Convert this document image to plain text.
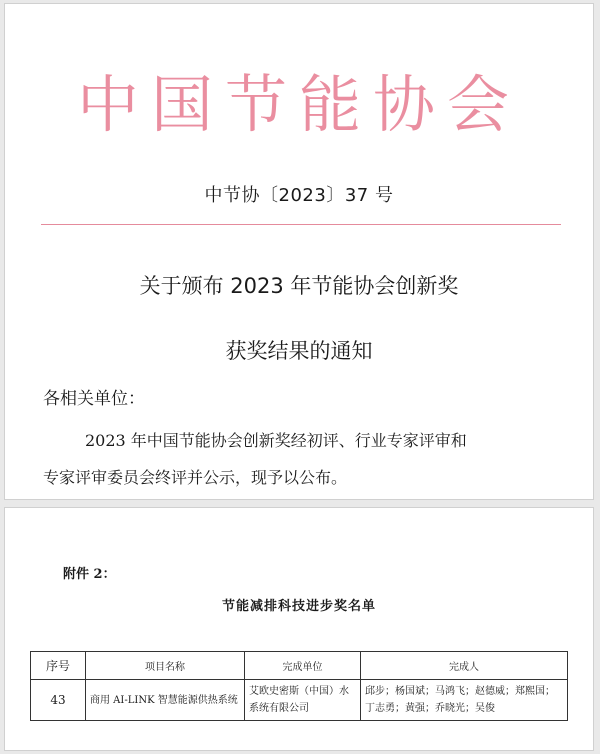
中国节能协会
中节协〔2023〕37 号
关于颁布 2023 年节能协会创新奖
获奖结果的通知
各相关单位：
2023 年中国节能协会创新奖经初评、行业专家评审和
专家评审委员会终评并公示，现予以公布。
附件 2：
节能减排科技进步奖名单
序号	项目名称	完成单位	完成人
43	商用 AI-LINK 智慧能源供热系统	艾欧史密斯（中国）水系统有限公司	邱步；杨国斌；马鸿飞；赵德威；郑熙国；
丁志勇；黄强；乔晓光；吴俊
